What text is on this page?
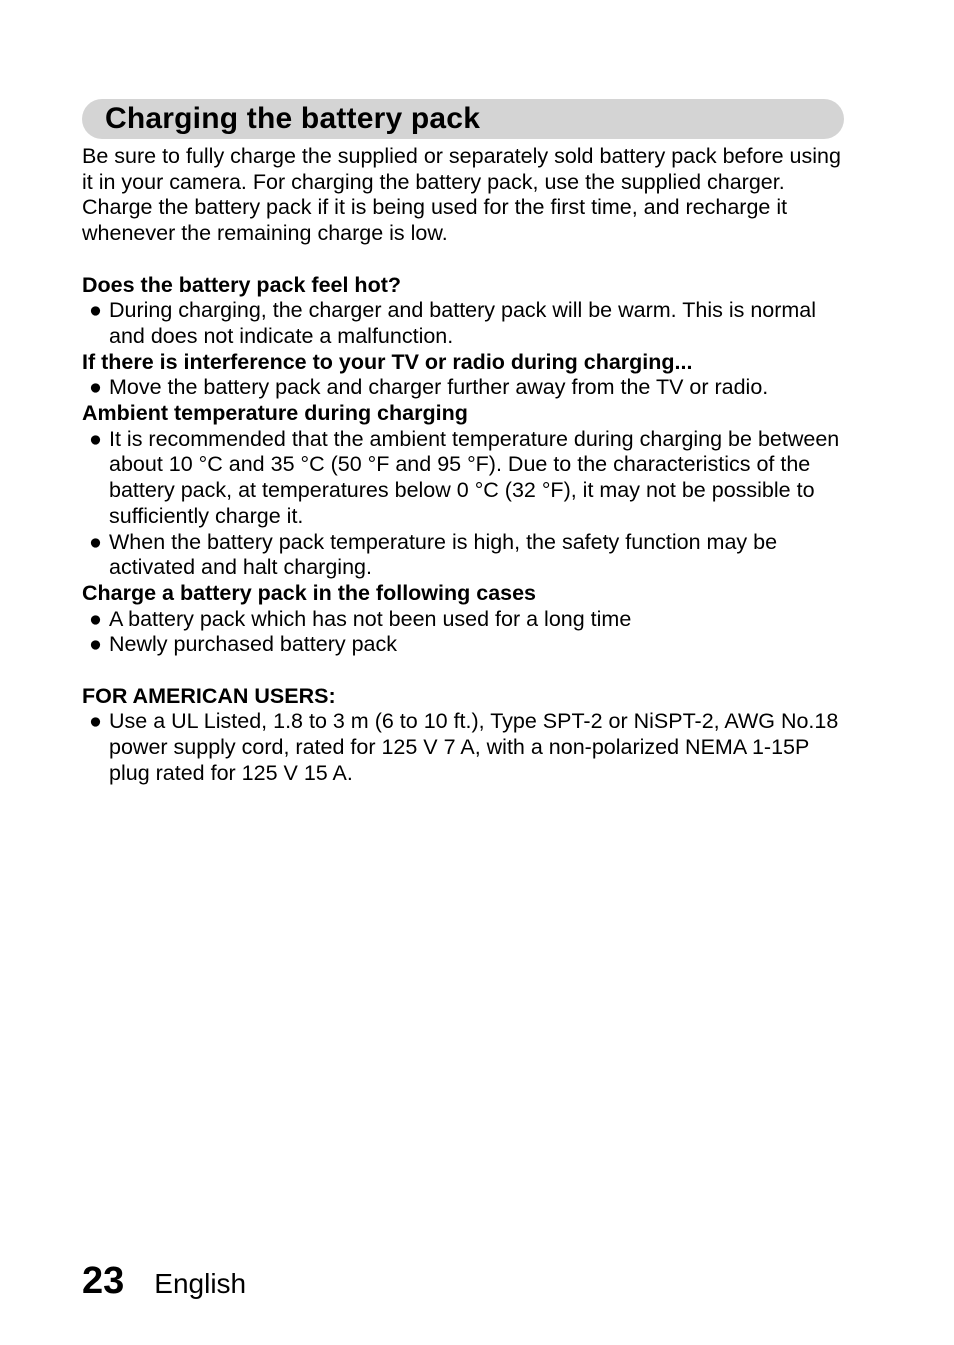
Charging the battery pack

Be sure to fully charge the supplied or separately sold battery pack before using it in your camera. For charging the battery pack, use the supplied charger.

Charge the battery pack if it is being used for the first time, and recharge it whenever the remaining charge is low.

Does the battery pack feel hot?

● During charging, the charger and battery pack will be warm. This is normal and does not indicate a malfunction.

If there is interference to your TV or radio during charging...

● Move the battery pack and charger further away from the TV or radio.

Ambient temperature during charging

● It is recommended that the ambient temperature during charging be between about 10 °C and 35 °C (50 °F and 95 °F). Due to the characteristics of the battery pack, at temperatures below 0 °C (32 °F), it may not be possible to sufficiently charge it.
● When the battery pack temperature is high, the safety function may be activated and halt charging.

Charge a battery pack in the following cases

● A battery pack which has not been used for a long time
● Newly purchased battery pack

FOR AMERICAN USERS:

● Use a UL Listed, 1.8 to 3 m (6 to 10 ft.), Type SPT-2 or NiSPT-2, AWG No.18 power supply cord, rated for 125 V 7 A, with a non-polarized NEMA 1-15P plug rated for 125 V 15 A.
23 English
